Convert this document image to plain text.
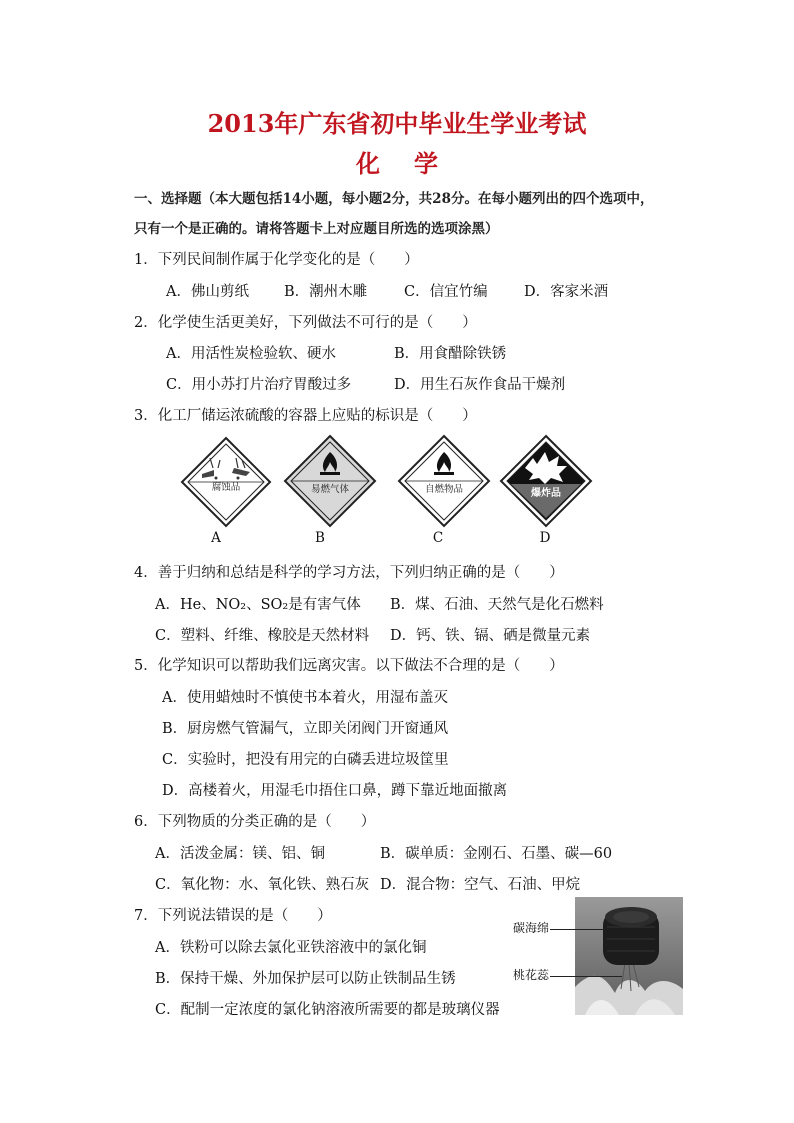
2013年广东省初中毕业生学业考试
化学
一、选择题（本大题包括14小题，每小题2分，共28分。在每小题列出的四个选项中，
只有一个是正确的。请将答题卡上对应题目所选的选项涂黑）
1．下列民间制作属于化学变化的是（　　）
A．佛山剪纸 B．潮州木雕	C．信宜竹编	D．客家米酒
2．化学使生活更美好，下列做法不可行的是（　　）
A．用活性炭检验软、硬水	B．用食醋除铁锈
C．用小苏打片治疗胃酸过多	D．用生石灰作食品干燥剂
3．化工厂储运浓硫酸的容器上应贴的标识是（　　）
腐蚀品	易燃气体	自燃物品	爆炸品
A	B	C	D
4．善于归纳和总结是科学的学习方法，下列归纳正确的是（　　）
A．He、NO₂、SO₂是有害气体 B．煤、石油、天然气是化石燃料
C．塑料、纤维、橡胶是天然材料 D．钙、铁、镉、硒是微量元素
5．化学知识可以帮助我们远离灾害。以下做法不合理的是（　　）
A．使用蜡烛时不慎使书本着火，用湿布盖灭
B．厨房燃气管漏气，立即关闭阀门开窗通风
C．实验时，把没有用完的白磷丢进垃圾筐里
D．高楼着火，用湿毛巾捂住口鼻，蹲下靠近地面撤离
6．下列物质的分类正确的是（　　）
A．活泼金属：镁、铝、铜	B．碳单质：金刚石、石墨、碳—60
C．氧化物：水、氧化铁、熟石灰 D．混合物：空气、石油、甲烷
7．下列说法错误的是（　　）
A．铁粉可以除去氯化亚铁溶液中的氯化铜
B．保持干燥、外加保护层可以防止铁制品生锈
C．配制一定浓度的氯化钠溶液所需要的都是玻璃仪器
碳海绵
桃花蕊
